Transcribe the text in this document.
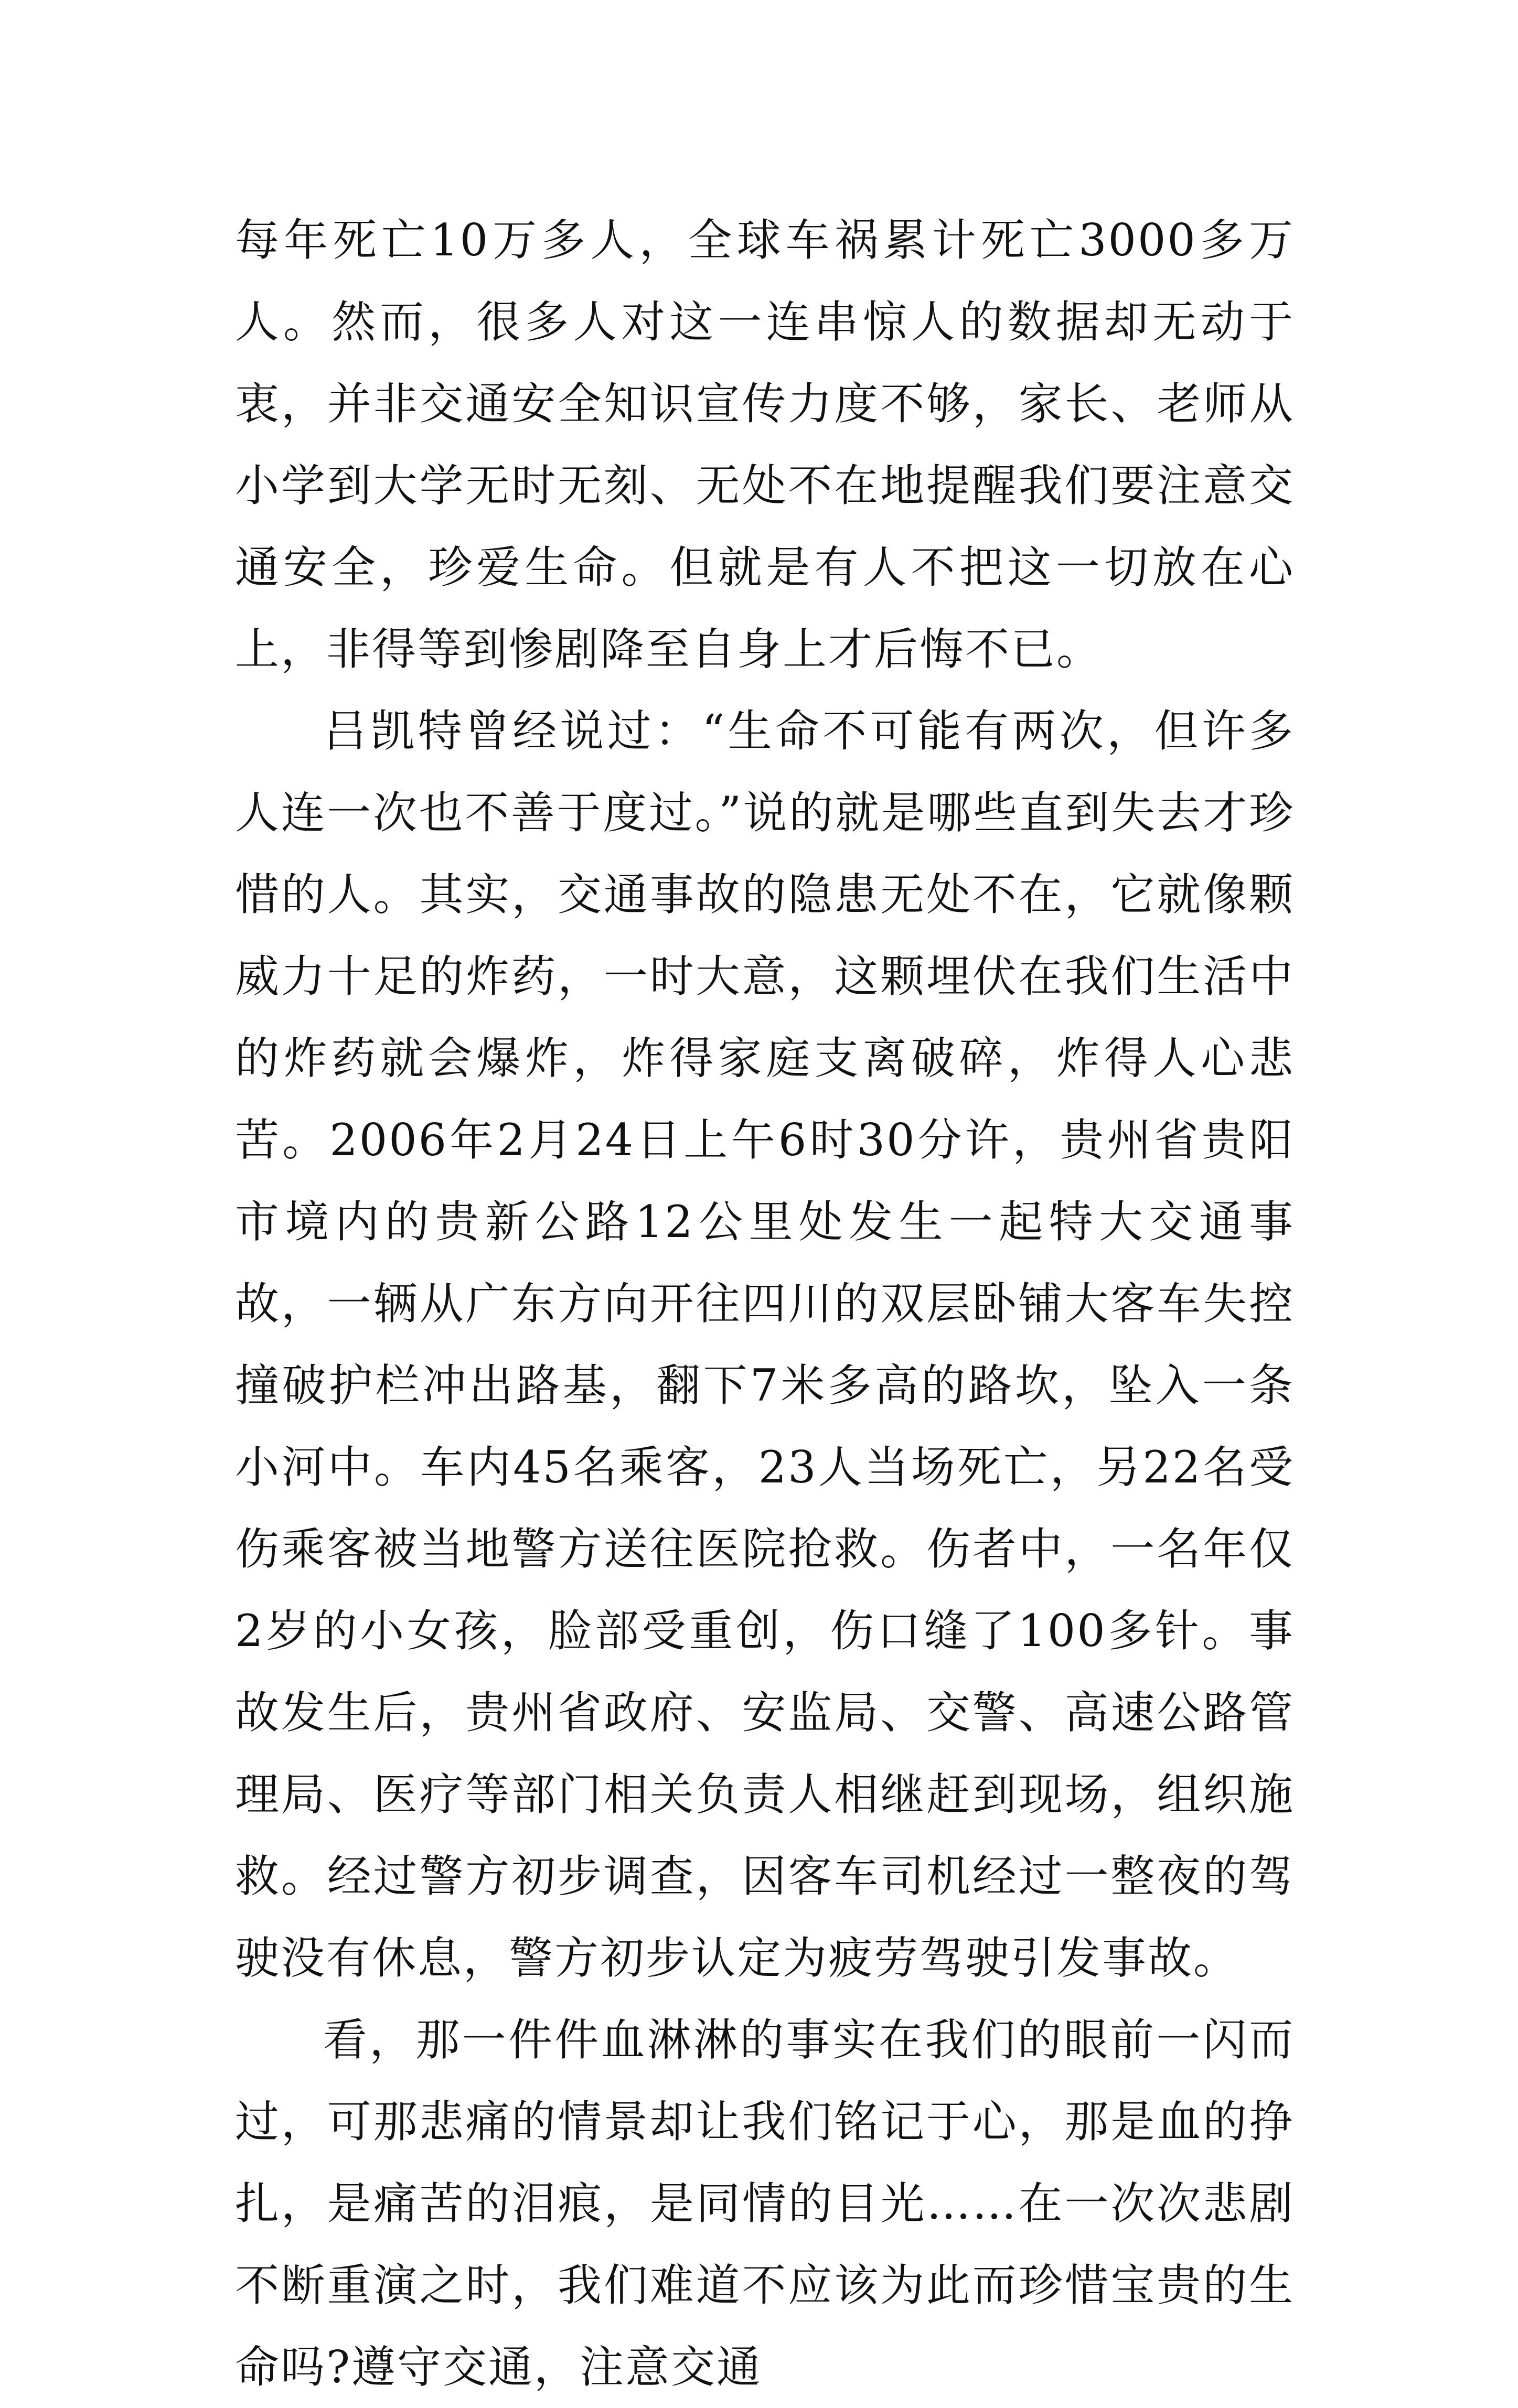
每年死亡10万多人，全球车祸累计死亡3000多万人。然而，很多人对这一连串惊人的数据却无动于衷，并非交通安全知识宣传力度不够，家长、老师从小学到大学无时无刻、无处不在地提醒我们要注意交通安全，珍爱生命。但就是有人不把这一切放在心上，非得等到惨剧降至自身上才后悔不已。

吕凯特曾经说过：“生命不可能有两次，但许多人连一次也不善于度过。”说的就是哪些直到失去才珍惜的人。其实，交通事故的隐患无处不在，它就像颗威力十足的炸药，一时大意，这颗埋伏在我们生活中的炸药就会爆炸，炸得家庭支离破碎，炸得人心悲苦。2006年2月24日上午6时30分许，贵州省贵阳市境内的贵新公路12公里处发生一起特大交通事故，一辆从广东方向开往四川的双层卧铺大客车失控撞破护栏冲出路基，翻下7米多高的路坎，坠入一条小河中。车内45名乘客，23人当场死亡，另22名受伤乘客被当地警方送往医院抢救。伤者中，一名年仅2岁的小女孩，脸部受重创，伤口缝了100多针。事故发生后，贵州省政府、安监局、交警、高速公路管理局、医疗等部门相关负责人相继赶到现场，组织施救。经过警方初步调查，因客车司机经过一整夜的驾驶没有休息，警方初步认定为疲劳驾驶引发事故。

看，那一件件血淋淋的事实在我们的眼前一闪而过，可那悲痛的情景却让我们铭记于心，那是血的挣扎，是痛苦的泪痕，是同情的目光……在一次次悲剧不断重演之时，我们难道不应该为此而珍惜宝贵的生命吗?遵守交通，注意交通
